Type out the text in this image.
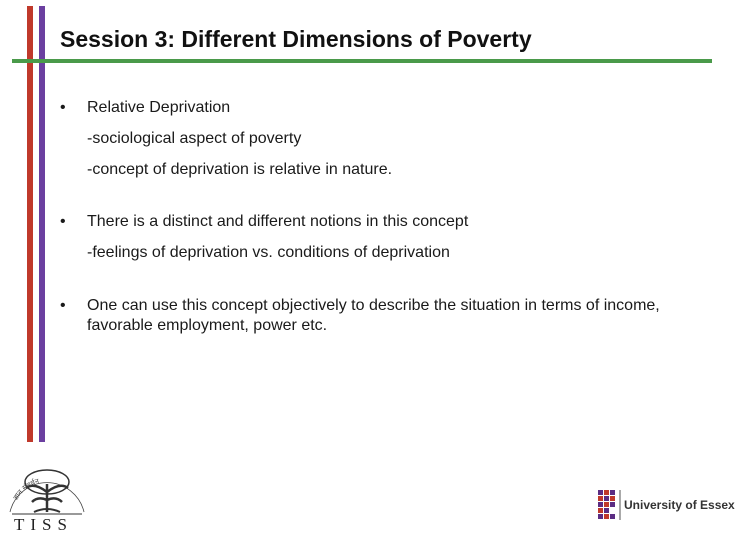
Session 3: Different Dimensions of Poverty
• Relative Deprivation
-sociological aspect of poverty
-concept of deprivation is relative in nature.
• There is a distinct and different notions in this concept
-feelings of deprivation vs. conditions of deprivation
• One can use this concept objectively to describe the situation in terms of income, favorable employment, power etc.
ज्ञान संवर्धन
TISS
University of Essex
